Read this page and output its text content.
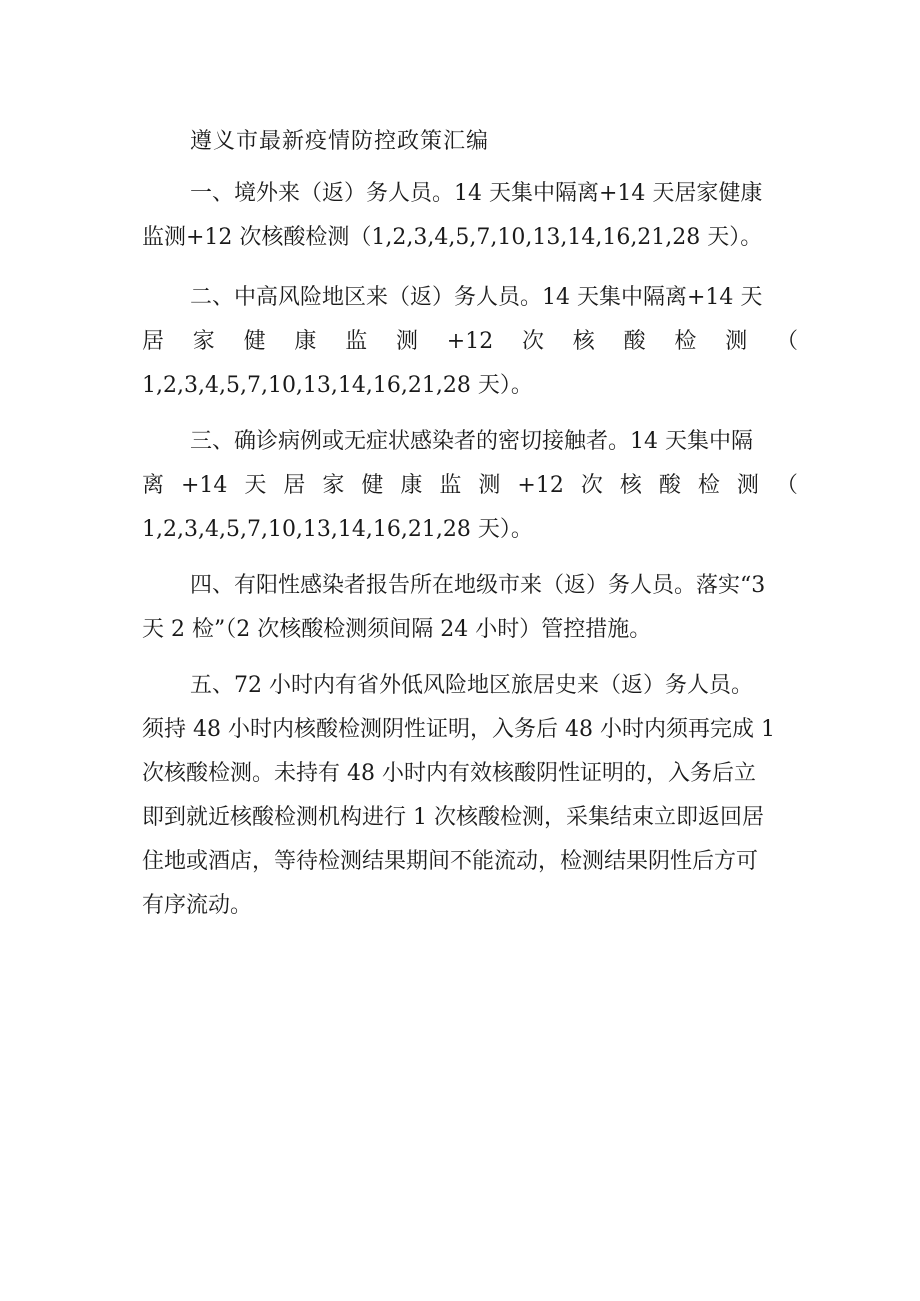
遵义市最新疫情防控政策汇编
一、境外来（返）务人员。14 天集中隔离+14 天居家健康
监测+12 次核酸检测（1,2,3,4,5,7,10,13,14,16,21,28 天）。
二、中高风险地区来（返）务人员。14 天集中隔离+14 天
居 家 健 康 监 测 +12 次 核 酸 检 测 （
1,2,3,4,5,7,10,13,14,16,21,28 天）。
三、确诊病例或无症状感染者的密切接触者。14 天集中隔
离 +14 天 居 家 健 康 监 测 +12 次 核 酸 检 测 （
1,2,3,4,5,7,10,13,14,16,21,28 天）。
四、有阳性感染者报告所在地级市来（返）务人员。落实“3
天 2 检”（2 次核酸检测须间隔 24 小时）管控措施。
五、72 小时内有省外低风险地区旅居史来（返）务人员。
须持 48 小时内核酸检测阴性证明，入务后 48 小时内须再完成 1
次核酸检测。未持有 48 小时内有效核酸阴性证明的，入务后立
即到就近核酸检测机构进行 1 次核酸检测，采集结束立即返回居
住地或酒店，等待检测结果期间不能流动，检测结果阴性后方可
有序流动。
